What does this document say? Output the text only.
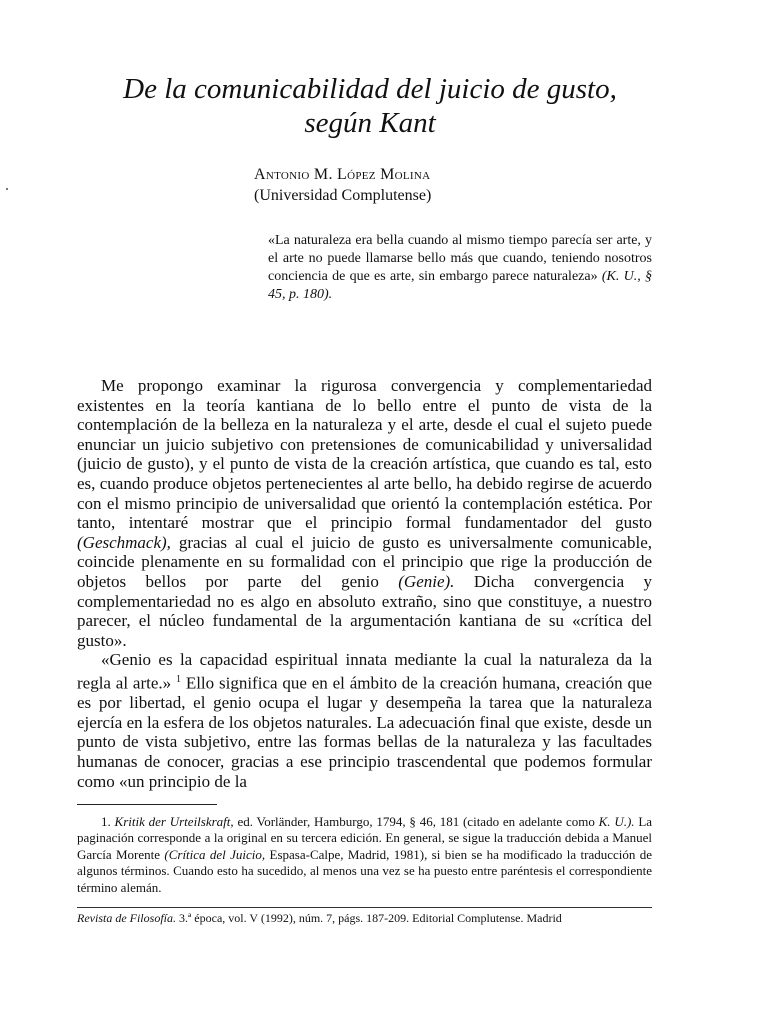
De la comunicabilidad del juicio de gusto, según Kant
Antonio M. López Molina
(Universidad Complutense)

«La naturaleza era bella cuando al mismo tiempo parecía ser arte, y el arte no puede llamarse bello más que cuando, teniendo nosotros conciencia de que es arte, sin embargo parece naturaleza» (K. U., § 45, p. 180).

Me propongo examinar la rigurosa convergencia y complementariedad existentes en la teoría kantiana de lo bello entre el punto de vista de la contemplación de la belleza en la naturaleza y el arte, desde el cual el sujeto puede enunciar un juicio subjetivo con pretensiones de comunicabilidad y universalidad (juicio de gusto), y el punto de vista de la creación artística, que cuando es tal, esto es, cuando produce objetos pertenecientes al arte bello, ha debido regirse de acuerdo con el mismo principio de universalidad que orientó la contemplación estética. Por tanto, intentaré mostrar que el principio formal fundamentador del gusto (Geschmack), gracias al cual el juicio de gusto es universalmente comunicable, coincide plenamente en su formalidad con el principio que rige la producción de objetos bellos por parte del genio (Genie). Dicha convergencia y complementariedad no es algo en absoluto extraño, sino que constituye, a nuestro parecer, el núcleo fundamental de la argumentación kantiana de su «crítica del gusto».

«Genio es la capacidad espiritual innata mediante la cual la naturaleza da la regla al arte.» $^1$ Ello significa que en el ámbito de la creación humana, creación que es por libertad, el genio ocupa el lugar y desempeña la tarea que la naturaleza ejercía en la esfera de los objetos naturales. La adecuación final que existe, desde un punto de vista subjetivo, entre las formas bellas de la naturaleza y las facultades humanas de conocer, gracias a ese principio trascendental que podemos formular como «un principio de la

1. Kritik der Urteilskraft, ed. Vorländer, Hamburgo, 1794, § 46, 181 (citado en adelante como K. U.). La paginación corresponde a la original en su tercera edición. En general, se sigue la traducción debida a Manuel García Morente (Crítica del Juicio, Espasa-Calpe, Madrid, 1981), si bien se ha modificado la traducción de algunos términos. Cuando esto ha sucedido, al menos una vez se ha puesto entre paréntesis el correspondiente término alemán.

Revista de Filosofía. 3.ª época, vol. V (1992), núm. 7, págs. 187-209. Editorial Complutense. Madrid
